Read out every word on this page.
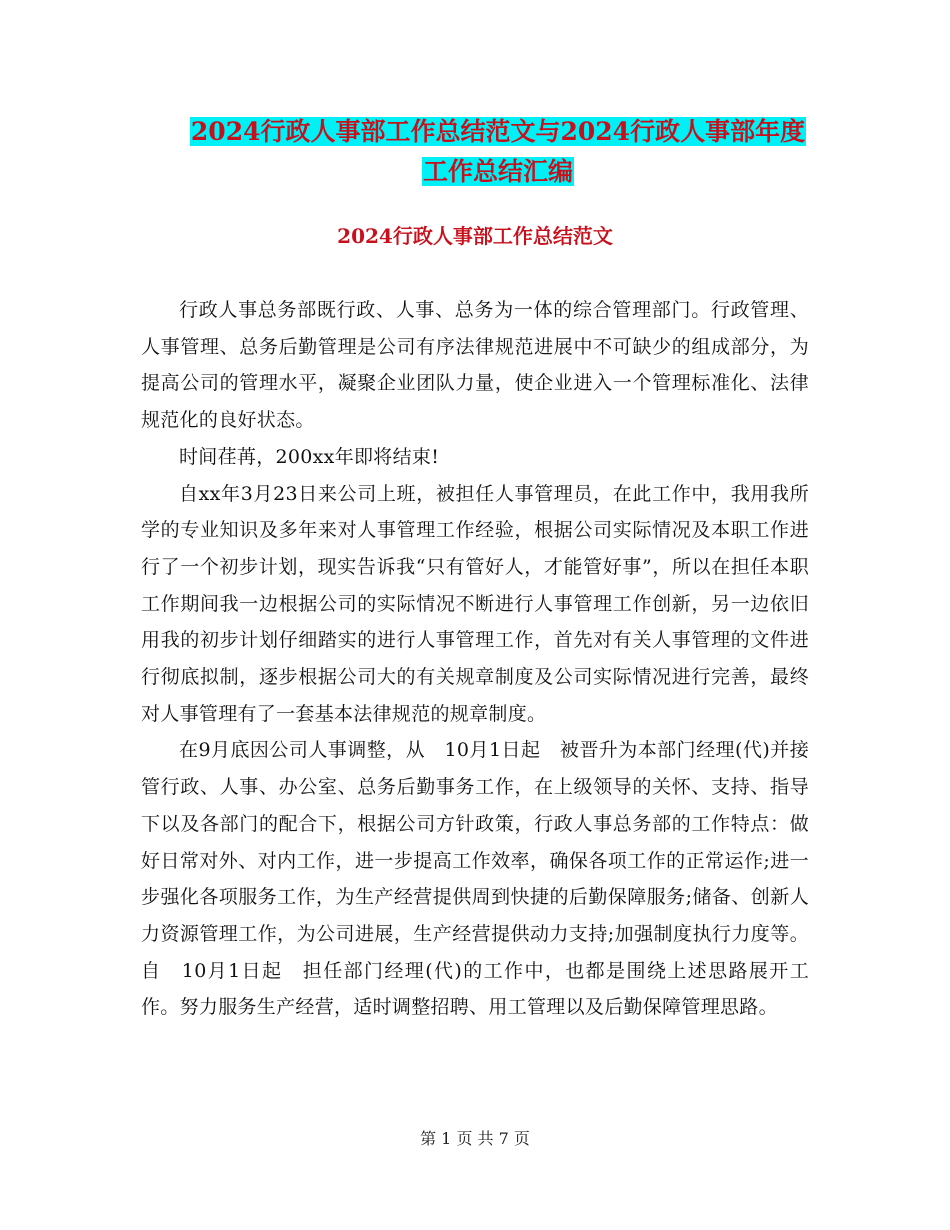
2024行政人事部工作总结范文与2024行政人事部年度
工作总结汇编
2024行政人事部工作总结范文

行政人事总务部既行政、人事、总务为一体的综合管理部门。行政管理、人事管理、总务后勤管理是公司有序法律规范进展中不可缺少的组成部分，为提高公司的管理水平，凝聚企业团队力量，使企业进入一个管理标准化、法律规范化的良好状态。

时间荏苒，200xx年即将结束!

自xx年3月23日来公司上班，被担任人事管理员，在此工作中，我用我所学的专业知识及多年来对人事管理工作经验，根据公司实际情况及本职工作进行了一个初步计划，现实告诉我“只有管好人，才能管好事”，所以在担任本职工作期间我一边根据公司的实际情况不断进行人事管理工作创新，另一边依旧用我的初步计划仔细踏实的进行人事管理工作，首先对有关人事管理的文件进行彻底拟制，逐步根据公司大的有关规章制度及公司实际情况进行完善，最终对人事管理有了一套基本法律规范的规章制度。

在9月底因公司人事调整，从　10月1日起　被晋升为本部门经理(代)并接管行政、人事、办公室、总务后勤事务工作，在上级领导的关怀、支持、指导下以及各部门的配合下，根据公司方针政策，行政人事总务部的工作特点：做好日常对外、对内工作，进一步提高工作效率，确保各项工作的正常运作;进一步强化各项服务工作，为生产经营提供周到快捷的后勤保障服务;储备、创新人力资源管理工作，为公司进展，生产经营提供动力支持;加强制度执行力度等。自　10月1日起　担任部门经理(代)的工作中，也都是围绕上述思路展开工作。努力服务生产经营，适时调整招聘、用工管理以及后勤保障管理思路。

第 1 页 共 7 页
